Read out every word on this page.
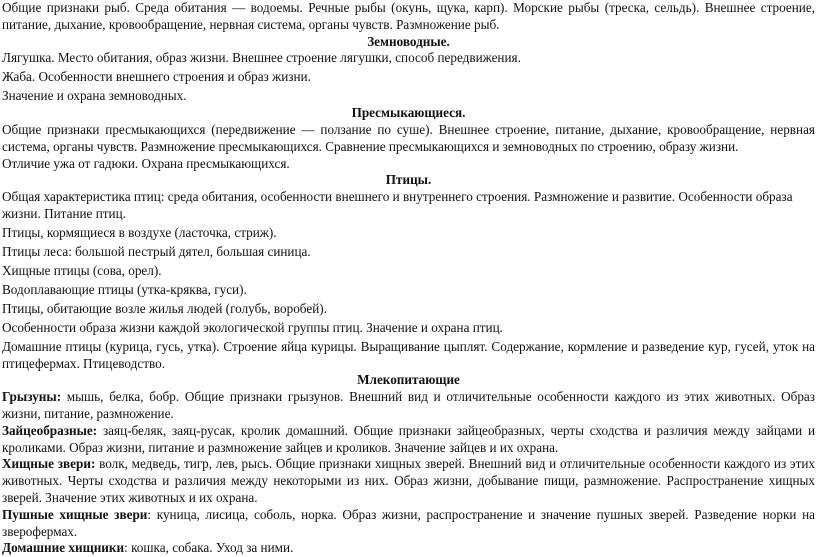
Общие признаки рыб. Среда обитания — водоемы. Речные рыбы (окунь, щука, карп). Морские рыбы (треска, сельдь). Внешнее строение, питание, дыхание, кровообращение, нервная система, органы чувств. Размножение рыб.

Земноводные.

Лягушка. Место обитания, образ жизни. Внешнее строение лягушки, способ передвижения.

Жаба. Особенности внешнего строения и образ жизни.

Значение и охрана земноводных.

Пресмыкающиеся.

Общие признаки пресмыкающихся (передвижение — ползание по суше). Внешнее строение, питание, дыхание, кровообращение, нервная система, органы чувств. Размножение пресмыкающихся. Сравнение пресмыкающихся и земноводных по строению, образу жизни.

Отличие ужа от гадюки. Охрана пресмыкающихся.

Птицы.

Общая характеристика птиц: среда обитания, особенности внешнего и внутреннего строения. Размножение и развитие. Особенности образа жизни. Питание птиц.

Птицы, кормящиеся в воздухе (ласточка, стриж).

Птицы леса: большой пестрый дятел, большая синица.

Хищные птицы (сова, орел).

Водоплавающие птицы (утка-кряква, гуси).

Птицы, обитающие возле жилья людей (голубь, воробей).

Особенности образа жизни каждой экологической группы птиц. Значение и охрана птиц.

Домашние птицы (курица, гусь, утка). Строение яйца курицы. Выращивание цыплят. Содержание, кормление и разведение кур, гусей, уток на птицефермах. Птицеводство.

Млекопитающие

Грызуны: мышь, белка, бобр. Общие признаки грызунов. Внешний вид и отличительные особенности каждого из этих животных. Образ жизни, питание, размножение.

Зайцеобразные: заяц-беляк, заяц-русак, кролик домашний. Общие признаки зайцеобразных, черты сходства и различия между зайцами и кроликами. Образ жизни, питание и размножение зайцев и кроликов. Значение зайцев и их охрана.

Хищные звери: волк, медведь, тигр, лев, рысь. Общие признаки хищных зверей. Внешний вид и отличительные особенности каждого из этих животных. Черты сходства и различия между некоторыми из них. Образ жизни, добывание пищи, размножение. Распространение хищных зверей. Значение этих животных и их охрана.

Пушные хищные звери: куница, лисица, соболь, норка. Образ жизни, распространение и значение пушных зверей. Разведение норки на зверофермах.

Домашние хищники: кошка, собака. Уход за ними.
